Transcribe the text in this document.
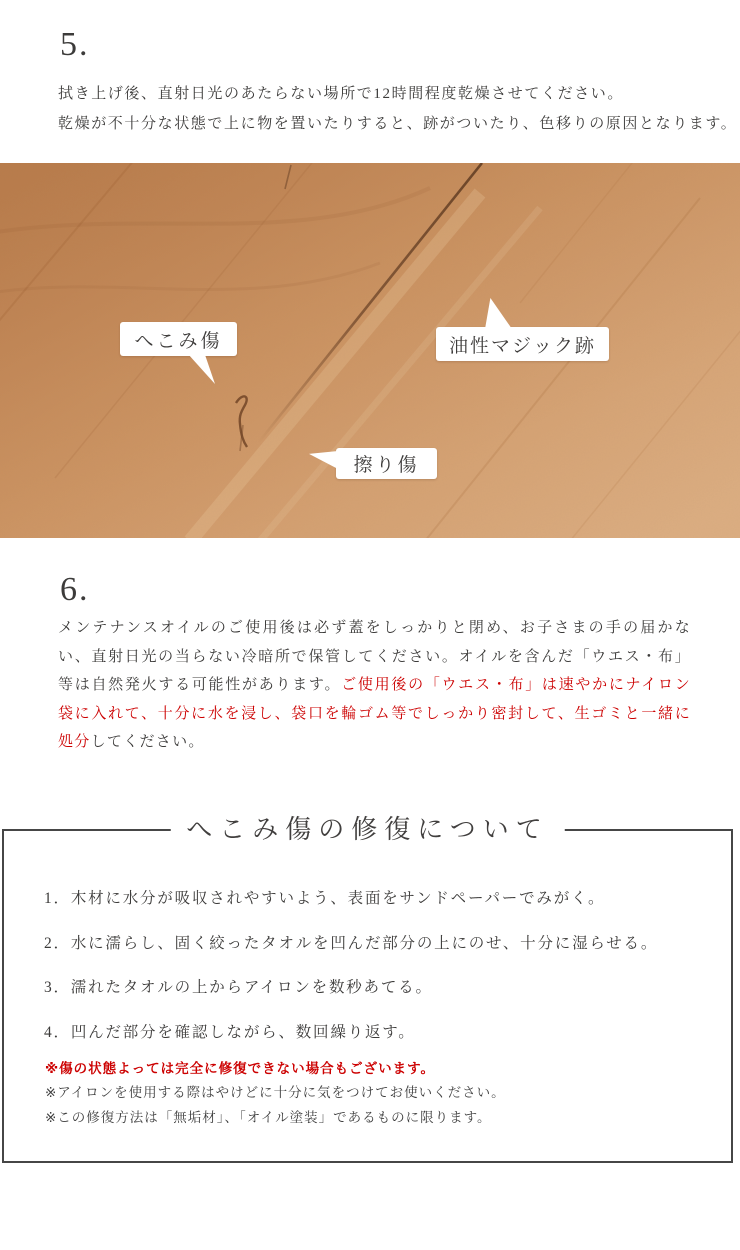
5.
拭き上げ後、直射日光のあたらない場所で12時間程度乾燥させてください。
乾燥が不十分な状態で上に物を置いたりすると、跡がついたり、色移りの原因となります。
へこみ傷	油性マジック跡
擦り傷
6.
メンテナンスオイルのご使用後は必ず蓋をしっかりと閉め、お子さまの手の届かない、直射日光の当らない冷暗所で保管してください。オイルを含んだ「ウエス・布」等は自然発火する可能性があります。ご使用後の「ウエス・布」は速やかにナイロン袋に入れて、十分に水を浸し、袋口を輪ゴム等でしっかり密封して、生ゴミと一緒に処分してください。
へこみ傷の修復について
1．木材に水分が吸収されやすいよう、表面をサンドペーパーでみがく。
2．水に濡らし、固く絞ったタオルを凹んだ部分の上にのせ、十分に湿らせる。
3．濡れたタオルの上からアイロンを数秒あてる。
4．凹んだ部分を確認しながら、数回繰り返す。
※傷の状態よっては完全に修復できない場合もございます。
※アイロンを使用する際はやけどに十分に気をつけてお使いください。
※この修復方法は「無垢材」、「オイル塗装」であるものに限ります。
